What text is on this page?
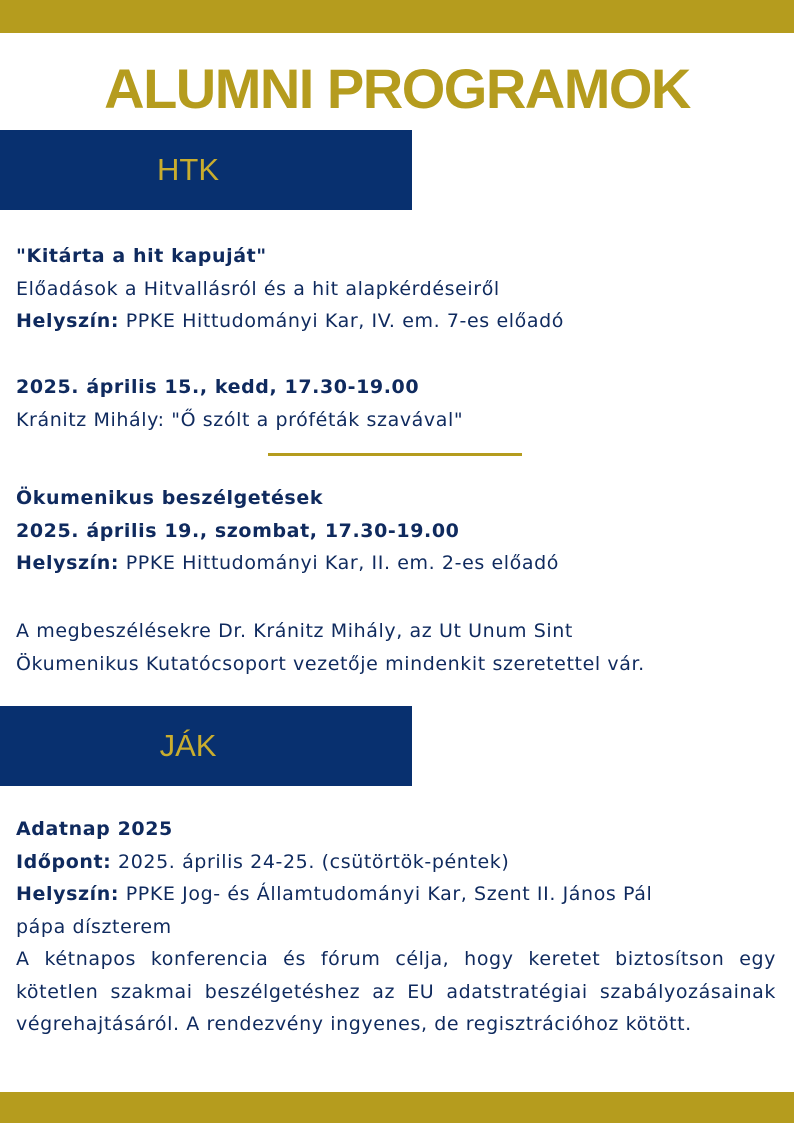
ALUMNI PROGRAMOK
HTK

"Kitárta a hit kapuját"

Előadások a Hitvallásról és a hit alapkérdéseiről

Helyszín: PPKE Hittudományi Kar, IV. em. 7-es előadó

2025. április 15., kedd, 17.30-19.00

Kránitz Mihály: "Ő szólt a próféták szavával"

Ökumenikus beszélgetések

2025. április 19., szombat, 17.30-19.00

Helyszín: PPKE Hittudományi Kar, II. em. 2-es előadó

A megbeszélésekre Dr. Kránitz Mihály, az Ut Unum Sint

Ökumenikus Kutatócsoport vezetője mindenkit szeretettel vár.

JÁK

Adatnap 2025

Időpont: 2025. április 24-25. (csütörtök-péntek)

Helyszín: PPKE Jog- és Államtudományi Kar, Szent II. János Pál

pápa díszterem

A kétnapos konferencia és fórum célja, hogy keretet biztosítson egy kötetlen szakmai beszélgetéshez az EU adatstratégiai szabályozásainak végrehajtásáról. A rendezvény ingyenes, de regisztrációhoz kötött.
